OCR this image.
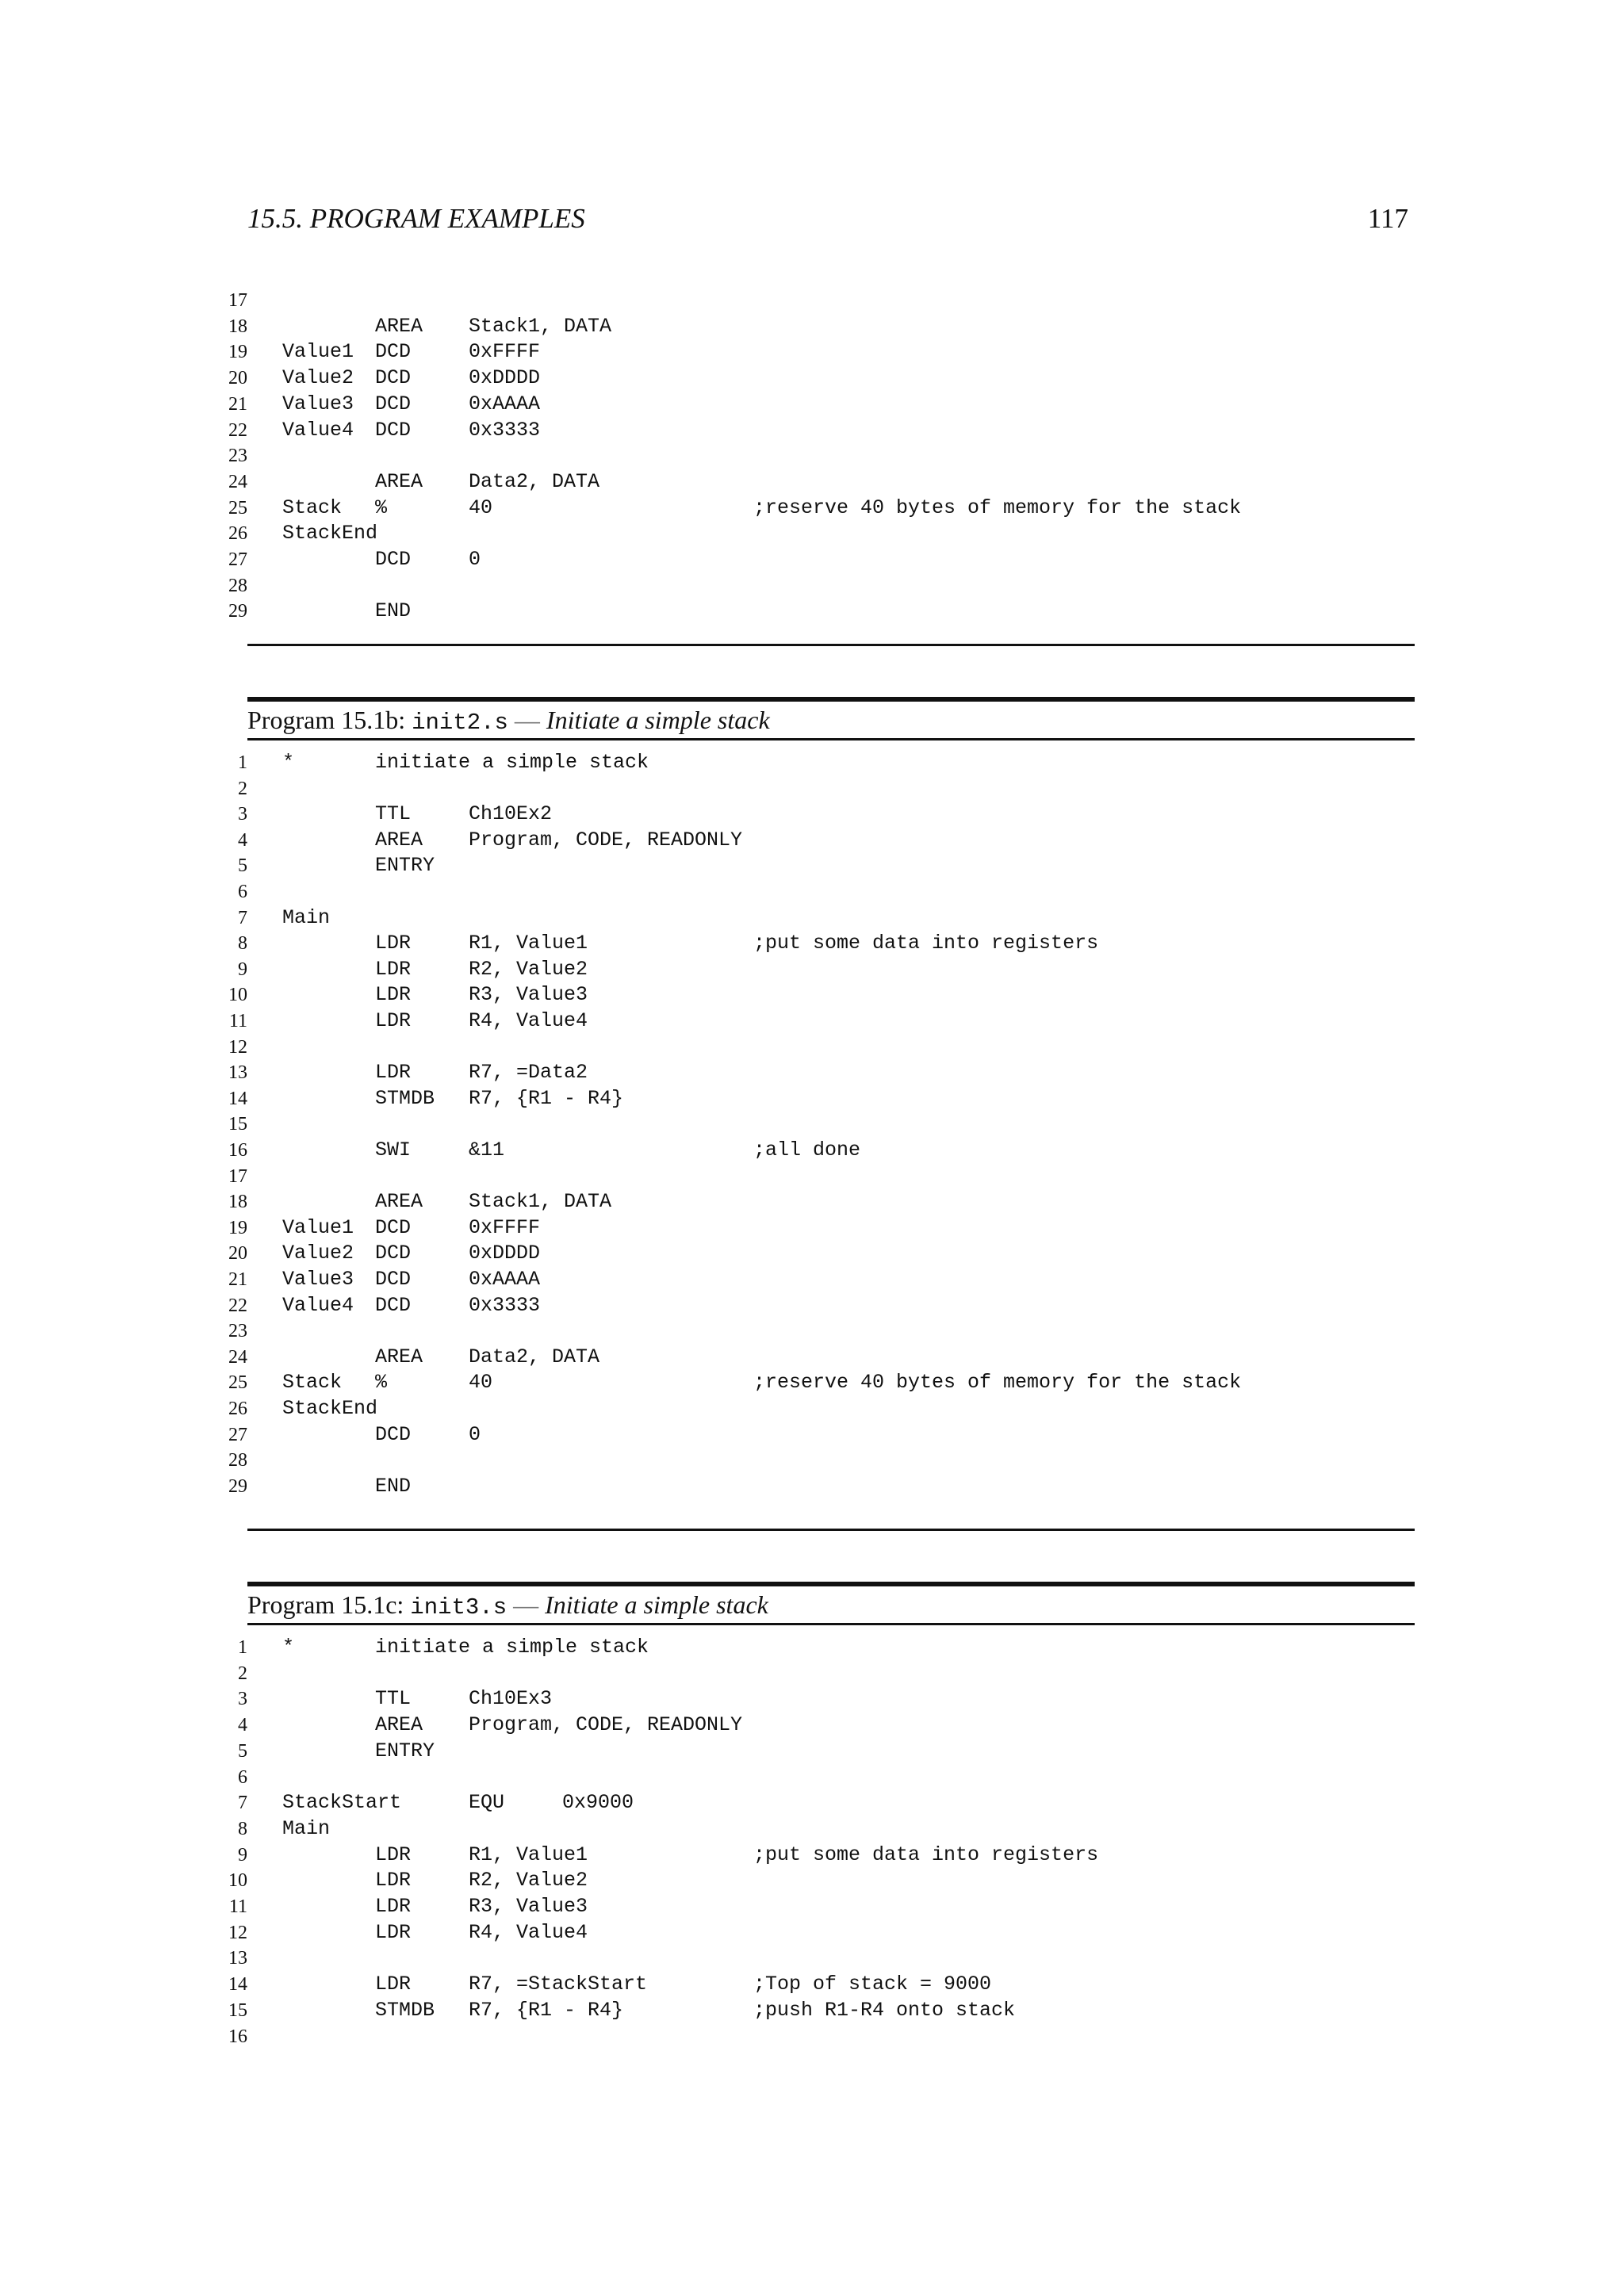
15.5. PROGRAM EXAMPLES	117
Program 15.1b: init2.s — Initiate a simple stack
Program 15.1c: init3.s — Initiate a simple stack
17
18	AREA Stack1, DATA
19 Value1 DCD	0xFFFF
20 Value2 DCD	0xDDDD
21 Value3 DCD	0xAAAA
22 Value4 DCD	0x3333
23
24	AREA Data2, DATA
25 Stack %	40	;reserve 40 bytes of memory for the stack
26 StackEnd
27	DCD	0
28
29	END
1 *	initiate a simple stack
2
3	TTL	Ch10Ex2
4	AREA Program, CODE, READONLY
5	ENTRY
6
7 Main
8	LDR	R1, Value1	;put some data into registers
9	LDR	R2, Value2
10	LDR	R3, Value3
11	LDR	R4, Value4
12
13	LDR	R7, =Data2
14	STMDB R7, {R1 - R4}
15
16	SWI	&11	;all done
17
18	AREA Stack1, DATA
19 Value1 DCD	0xFFFF
20 Value2 DCD	0xDDDD
21 Value3 DCD	0xAAAA
22 Value4 DCD	0x3333
23
24	AREA Data2, DATA
25 Stack %	40	;reserve 40 bytes of memory for the stack
26 StackEnd
27	DCD	0
28
29	END
1 *	initiate a simple stack
2
3	TTL	Ch10Ex3
4	AREA Program, CODE, READONLY
5	ENTRY
6
7 StackStart	EQU	0x9000
8 Main
9	LDR	R1, Value1	;put some data into registers
10	LDR	R2, Value2
11	LDR	R3, Value3
12	LDR	R4, Value4
13
14	LDR	R7, =StackStart	;Top of stack = 9000
15	STMDB R7, {R1 - R4}	;push R1-R4 onto stack
16
